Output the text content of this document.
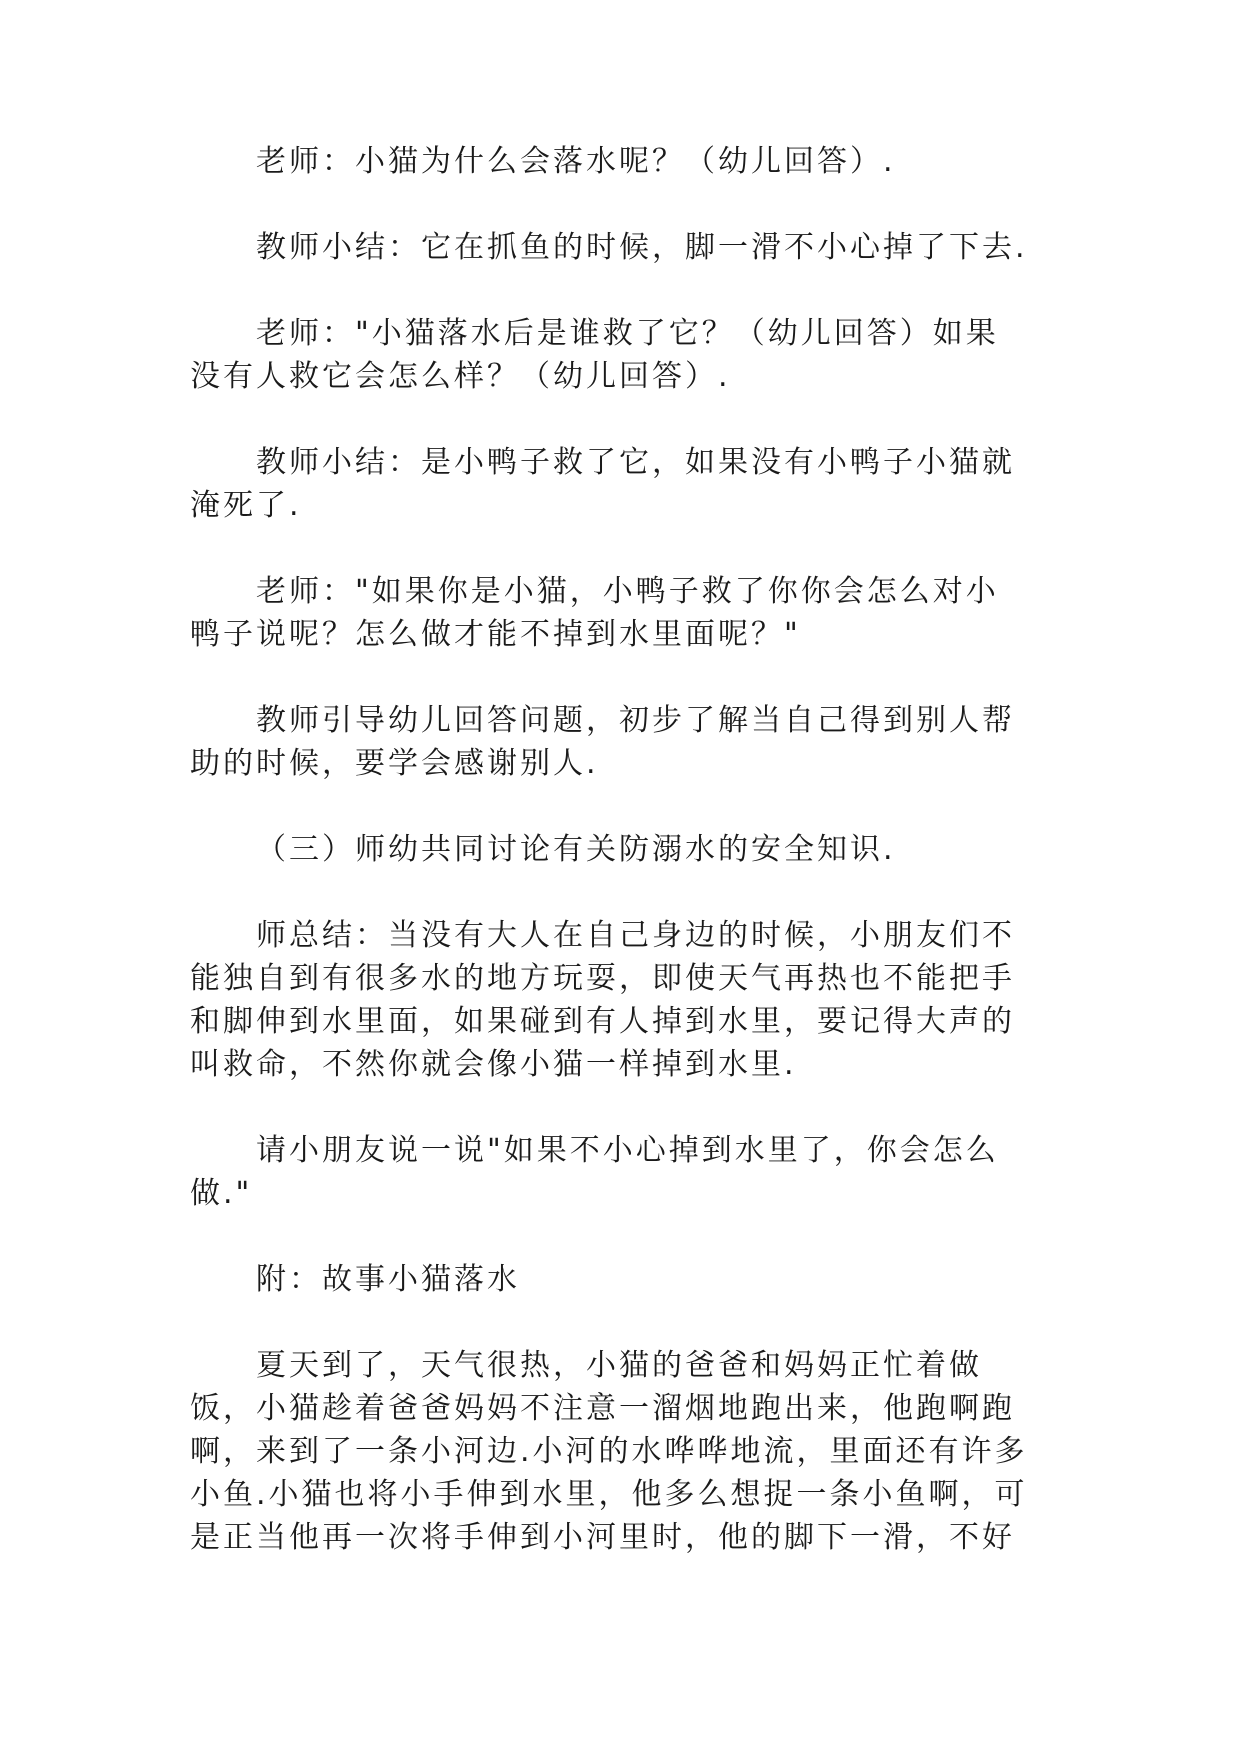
老师：小猫为什么会落水呢？（幼儿回答）.

教师小结：它在抓鱼的时候，脚一滑不小心掉了下去.

老师："小猫落水后是谁救了它？（幼儿回答）如果没有人救它会怎么样？（幼儿回答）.

教师小结：是小鸭子救了它，如果没有小鸭子小猫就淹死了.

老师："如果你是小猫，小鸭子救了你你会怎么对小鸭子说呢？怎么做才能不掉到水里面呢？"

教师引导幼儿回答问题，初步了解当自己得到别人帮助的时候，要学会感谢别人.

（三）师幼共同讨论有关防溺水的安全知识.

师总结：当没有大人在自己身边的时候，小朋友们不能独自到有很多水的地方玩耍，即使天气再热也不能把手和脚伸到水里面，如果碰到有人掉到水里，要记得大声的叫救命，不然你就会像小猫一样掉到水里.

请小朋友说一说"如果不小心掉到水里了，你会怎么做."

附：故事小猫落水

夏天到了，天气很热，小猫的爸爸和妈妈正忙着做饭，小猫趁着爸爸妈妈不注意一溜烟地跑出来，他跑啊跑啊，来到了一条小河边.小河的水哗哗地流，里面还有许多小鱼.小猫也将小手伸到水里，他多么想捉一条小鱼啊，可是正当他再一次将手伸到小河里时，他的脚下一滑，不好
